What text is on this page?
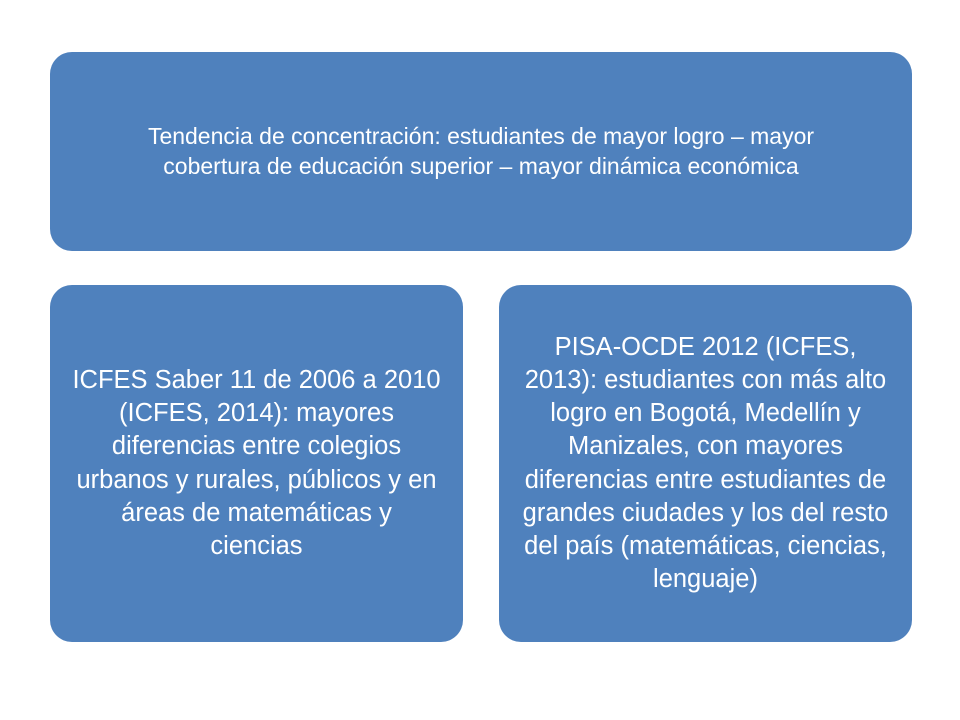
Tendencia de concentración: estudiantes de mayor logro – mayor cobertura de educación superior – mayor dinámica económica
ICFES Saber 11 de 2006 a 2010 (ICFES, 2014): mayores diferencias entre colegios urbanos y rurales, públicos y en áreas de matemáticas y ciencias
PISA-OCDE 2012 (ICFES, 2013): estudiantes con más alto logro en Bogotá, Medellín y Manizales, con mayores diferencias entre estudiantes de grandes ciudades y los del resto del país (matemáticas, ciencias, lenguaje)
